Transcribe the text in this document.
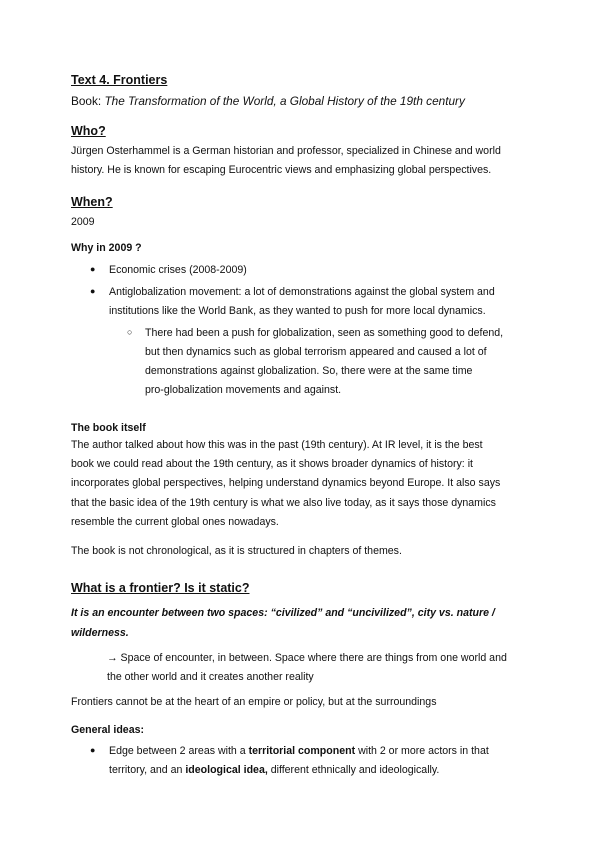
Text 4. Frontiers
Book: The Transformation of the World, a Global History of the 19th century
Who?
Jürgen Osterhammel is a German historian and professor, specialized in Chinese and world
history. He is known for escaping Eurocentric views and emphasizing global perspectives.
When?
2009
Why in 2009 ?
● Economic crises (2008-2009)
● Antiglobalization movement: a lot of demonstrations against the global system and
institutions like the World Bank, as they wanted to push for more local dynamics.
○ There had been a push for globalization, seen as something good to defend,
but then dynamics such as global terrorism appeared and caused a lot of
demonstrations against globalization. So, there were at the same time
pro-globalization movements and against.
The book itself
The author talked about how this was in the past (19th century). At IR level, it is the best
book we could read about the 19th century, as it shows broader dynamics of history: it
incorporates global perspectives, helping understand dynamics beyond Europe. It also says
that the basic idea of the 19th century is what we also live today, as it says those dynamics
resemble the current global ones nowadays.
The book is not chronological, as it is structured in chapters of themes.
What is a frontier? Is it static?
It is an encounter between two spaces: “civilized” and “uncivilized”, city vs. nature /
wilderness.
→ Space of encounter, in between. Space where there are things from one world and
the other world and it creates another reality
Frontiers cannot be at the heart of an empire or policy, but at the surroundings
General ideas:
● Edge between 2 areas with a territorial component with 2 or more actors in that
territory, and an ideological idea, different ethnically and ideologically.
